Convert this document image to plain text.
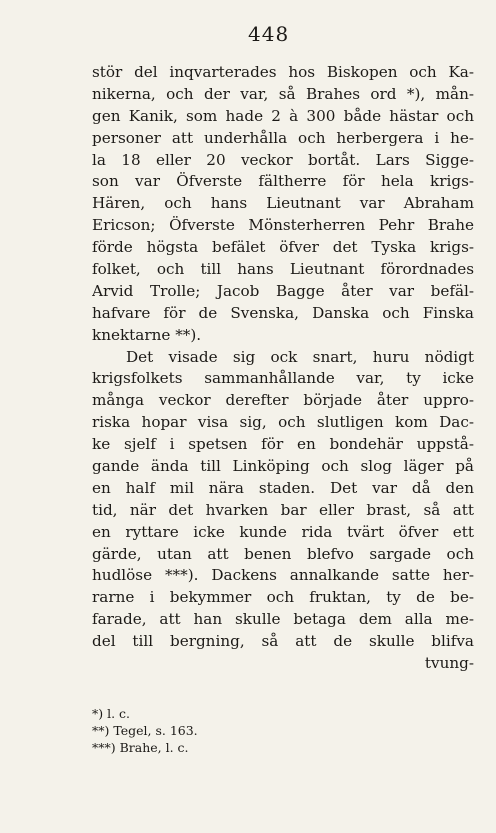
448
stör del inqvarterades hos Biskopen och Ka-
nikerna, och der var, så Brahes ord *), mån-
gen Kanik, som hade 2 à 300 både hästar och
personer att underhålla och herbergera i he-
la 18 eller 20 veckor bortåt. Lars Sigge-
son var Öfverste fältherre för hela krigs-
Hären, och hans Lieutnant var Abraham
Ericson; Öfverste Mönsterherren Pehr Brahe
förde högsta befälet öfver det Tyska krigs-
folket, och till hans Lieutnant förordnades
Arvid Trolle; Jacob Bagge åter var befäl-
hafvare för de Svenska, Danska och Finska
knektarne **).
Det visade sig ock snart, huru nödigt
krigsfolkets sammanhållande var, ty icke
många veckor derefter började åter uppro-
riska hopar visa sig, och slutligen kom Dac-
ke sjelf i spetsen för en bondehär uppstå-
gande ända till Linköping och slog läger på
en half mil nära staden. Det var då den
tid, när det hvarken bar eller brast, så att
en ryttare icke kunde rida tvärt öfver ett
gärde, utan att benen blefvo sargade och
hudlöse ***). Dackens annalkande satte her-
rarne i bekymmer och fruktan, ty de be-
farade, att han skulle betaga dem alla me-
del till bergning, så att de skulle blifva
tvung-
*) l. c.
**) Tegel, s. 163.
***) Brahe, l. c.
